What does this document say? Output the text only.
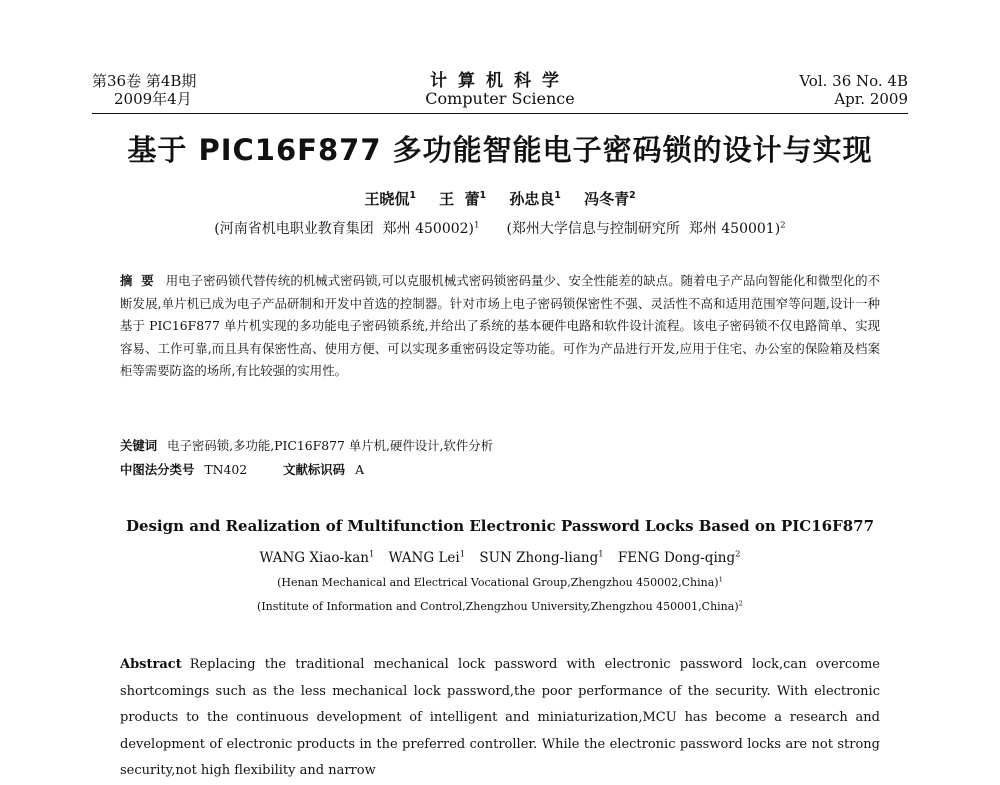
第36卷 第4B期
2009年4月
计算机科学
Computer Science
Vol. 36 No. 4B
Apr. 2009
基于 PIC16F877 多功能智能电子密码锁的设计与实现
王晓侃$^1$ 王  蕾$^1$ 孙忠良$^1$ 冯冬青$^2$
(河南省机电职业教育集团  郑州 450002)$^1$ (郑州大学信息与控制研究所  郑州 450001)$^2$
摘  要 用电子密码锁代替传统的机械式密码锁,可以克服机械式密码锁密码量少、安全性能差的缺点。随着电子产品向智能化和微型化的不断发展,单片机已成为电子产品研制和开发中首选的控制器。针对市场上电子密码锁保密性不强、灵活性不高和适用范围窄等问题,设计一种基于 PIC16F877 单片机实现的多功能电子密码锁系统,并给出了系统的基本硬件电路和软件设计流程。该电子密码锁不仅电路简单、实现容易、工作可靠,而且具有保密性高、使用方便、可以实现多重密码设定等功能。可作为产品进行开发,应用于住宅、办公室的保险箱及档案柜等需要防盗的场所,有比较强的实用性。
关键词 电子密码锁,多功能,PIC16F877 单片机,硬件设计,软件分析
中图法分类号 TN402	文献标识码 A
Design and Realization of Multifunction Electronic Password Locks Based on PIC16F877
WANG Xiao-kan$^1$ WANG Lei$^1$ SUN Zhong-liang$^1$ FENG Dong-qing$^2$
(Henan Mechanical and Electrical Vocational Group,Zhengzhou 450002,China)$^1$
(Institute of Information and Control,Zhengzhou University,Zhengzhou 450001,China)$^2$
Abstract Replacing the traditional mechanical lock password with electronic password lock,can overcome shortcomings such as the less mechanical lock password,the poor performance of the security. With electronic products to the continuous development of intelligent and miniaturization,MCU has become a research and development of electronic products in the preferred controller. While the electronic password locks are not strong security,not high flexibility and narrow
